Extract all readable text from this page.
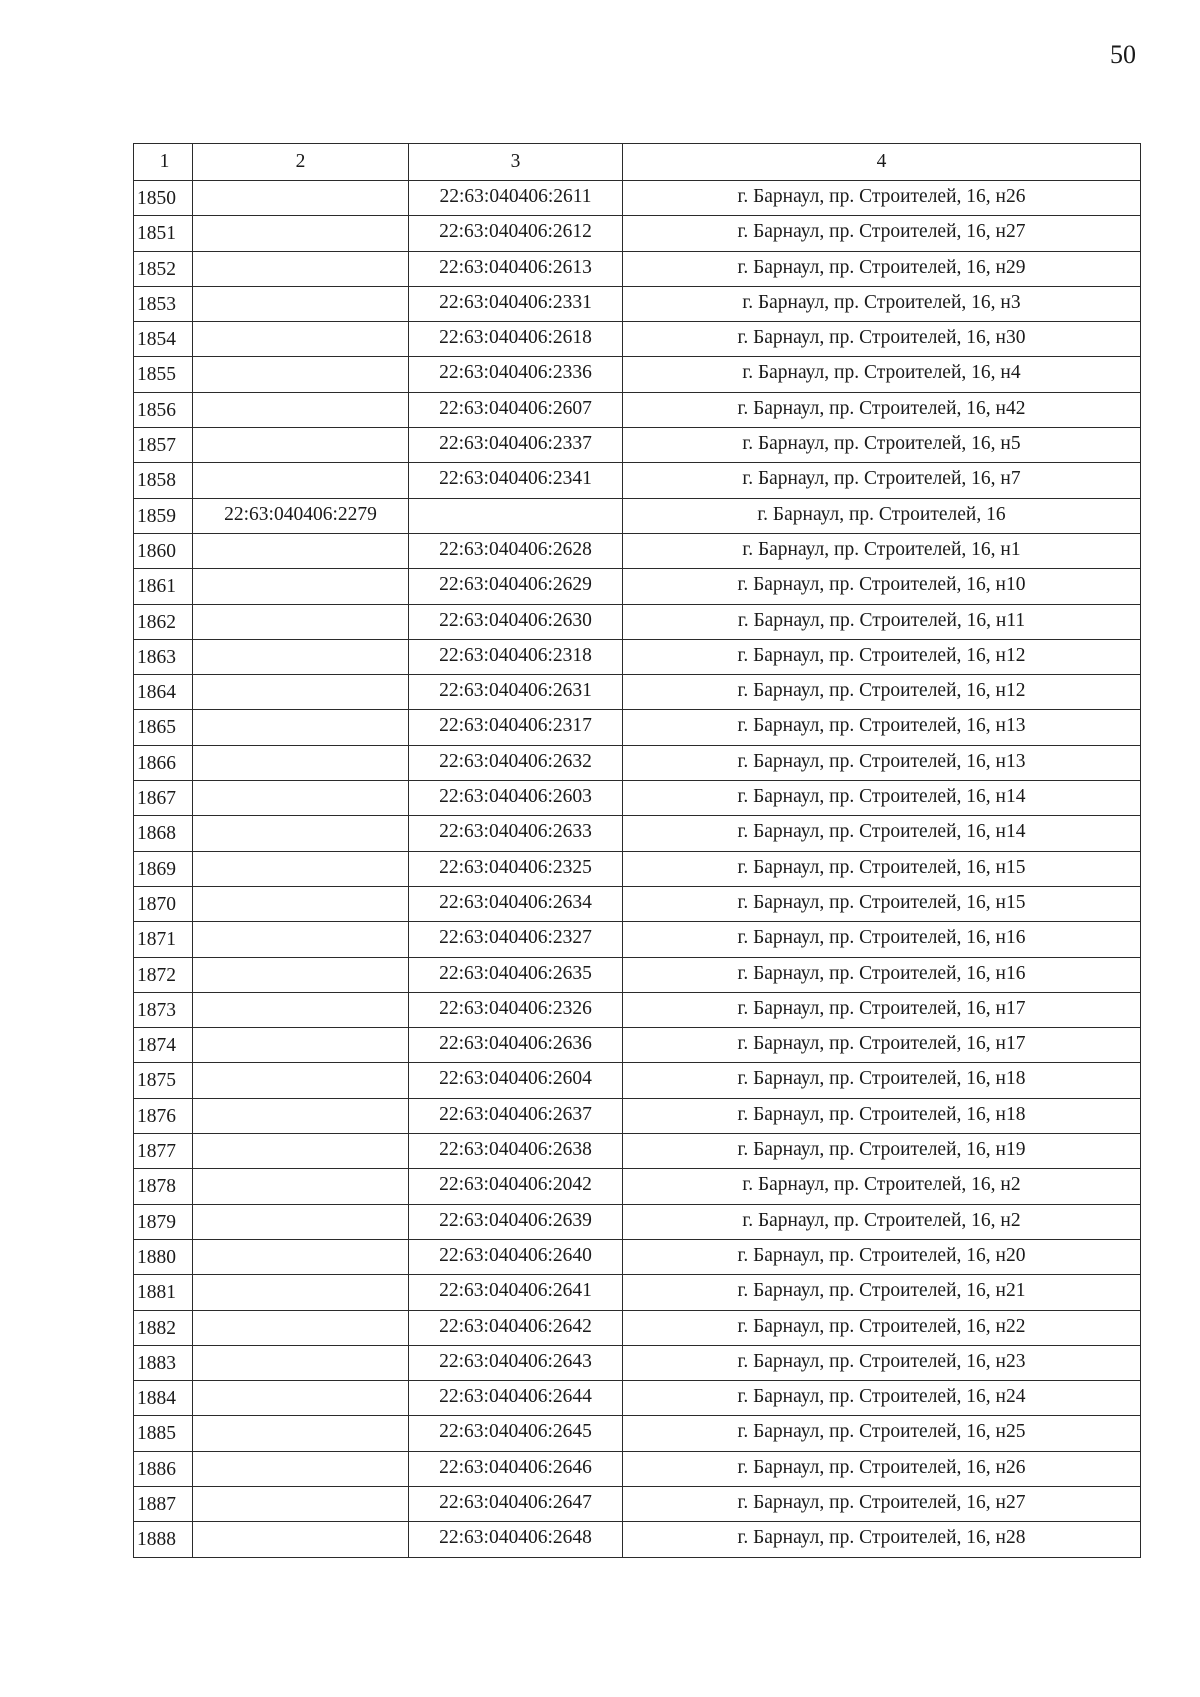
50
1	2	3	4
1850		22:63:040406:2611	г. Барнаул, пр. Строителей, 16, н26
1851		22:63:040406:2612	г. Барнаул, пр. Строителей, 16, н27
1852		22:63:040406:2613	г. Барнаул, пр. Строителей, 16, н29
1853		22:63:040406:2331	г. Барнаул, пр. Строителей, 16, н3
1854		22:63:040406:2618	г. Барнаул, пр. Строителей, 16, н30
1855		22:63:040406:2336	г. Барнаул, пр. Строителей, 16, н4
1856		22:63:040406:2607	г. Барнаул, пр. Строителей, 16, н42
1857		22:63:040406:2337	г. Барнаул, пр. Строителей, 16, н5
1858		22:63:040406:2341	г. Барнаул, пр. Строителей, 16, н7
1859	22:63:040406:2279		г. Барнаул, пр. Строителей, 16
1860		22:63:040406:2628	г. Барнаул, пр. Строителей, 16, н1
1861		22:63:040406:2629	г. Барнаул, пр. Строителей, 16, н10
1862		22:63:040406:2630	г. Барнаул, пр. Строителей, 16, н11
1863		22:63:040406:2318	г. Барнаул, пр. Строителей, 16, н12
1864		22:63:040406:2631	г. Барнаул, пр. Строителей, 16, н12
1865		22:63:040406:2317	г. Барнаул, пр. Строителей, 16, н13
1866		22:63:040406:2632	г. Барнаул, пр. Строителей, 16, н13
1867		22:63:040406:2603	г. Барнаул, пр. Строителей, 16, н14
1868		22:63:040406:2633	г. Барнаул, пр. Строителей, 16, н14
1869		22:63:040406:2325	г. Барнаул, пр. Строителей, 16, н15
1870		22:63:040406:2634	г. Барнаул, пр. Строителей, 16, н15
1871		22:63:040406:2327	г. Барнаул, пр. Строителей, 16, н16
1872		22:63:040406:2635	г. Барнаул, пр. Строителей, 16, н16
1873		22:63:040406:2326	г. Барнаул, пр. Строителей, 16, н17
1874		22:63:040406:2636	г. Барнаул, пр. Строителей, 16, н17
1875		22:63:040406:2604	г. Барнаул, пр. Строителей, 16, н18
1876		22:63:040406:2637	г. Барнаул, пр. Строителей, 16, н18
1877		22:63:040406:2638	г. Барнаул, пр. Строителей, 16, н19
1878		22:63:040406:2042	г. Барнаул, пр. Строителей, 16, н2
1879		22:63:040406:2639	г. Барнаул, пр. Строителей, 16, н2
1880		22:63:040406:2640	г. Барнаул, пр. Строителей, 16, н20
1881		22:63:040406:2641	г. Барнаул, пр. Строителей, 16, н21
1882		22:63:040406:2642	г. Барнаул, пр. Строителей, 16, н22
1883		22:63:040406:2643	г. Барнаул, пр. Строителей, 16, н23
1884		22:63:040406:2644	г. Барнаул, пр. Строителей, 16, н24
1885		22:63:040406:2645	г. Барнаул, пр. Строителей, 16, н25
1886		22:63:040406:2646	г. Барнаул, пр. Строителей, 16, н26
1887		22:63:040406:2647	г. Барнаул, пр. Строителей, 16, н27
1888		22:63:040406:2648	г. Барнаул, пр. Строителей, 16, н28
